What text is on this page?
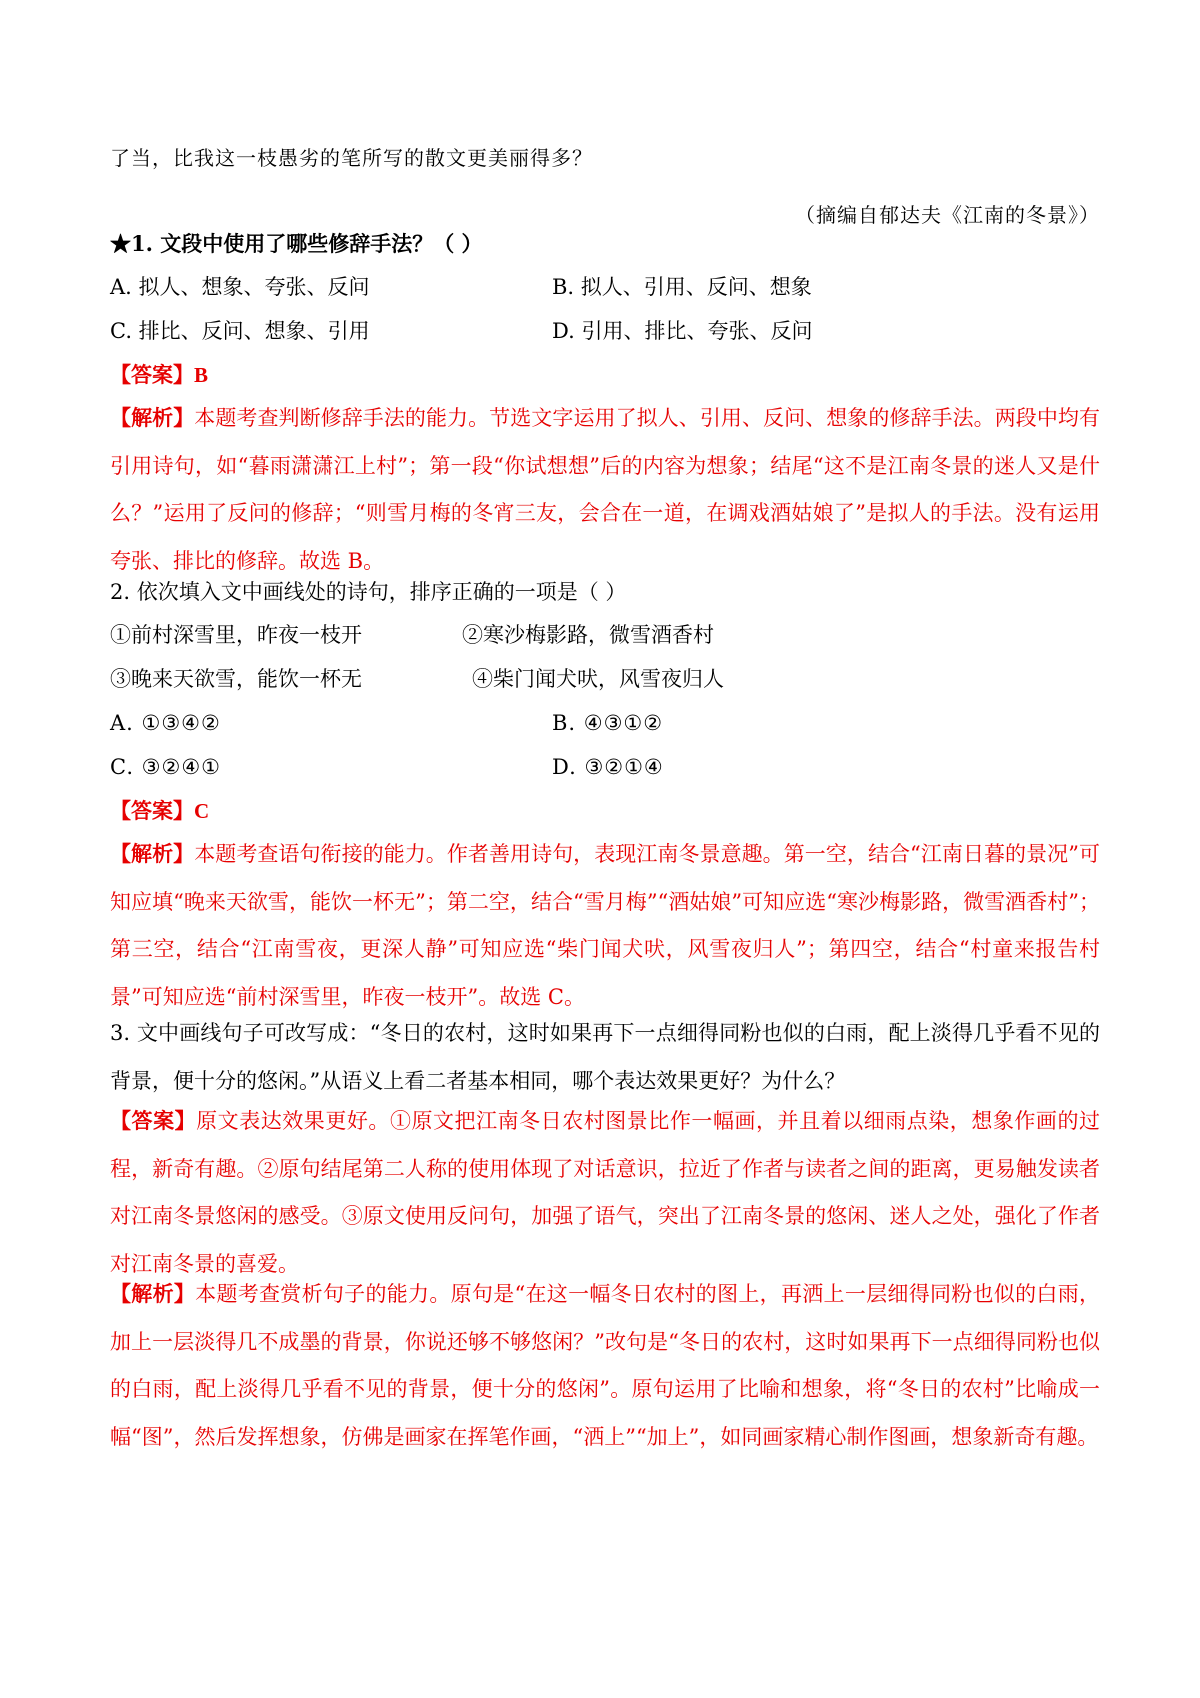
了当，比我这一枝愚劣的笔所写的散文更美丽得多？
（摘编自郁达夫《江南的冬景》）
★1. 文段中使用了哪些修辞手法？（ ）
A. 拟人、想象、夸张、反问	B. 拟人、引用、反问、想象
C. 排比、反问、想象、引用	D. 引用、排比、夸张、反问
【答案】B
【解析】本题考查判断修辞手法的能力。节选文字运用了拟人、引用、反问、想象的修辞手法。两段中均有引用诗句，如“暮雨潇潇江上村”；第一段“你试想想”后的内容为想象；结尾“这不是江南冬景的迷人又是什么？”运用了反问的修辞；“则雪月梅的冬宵三友，会合在一道，在调戏酒姑娘了”是拟人的手法。没有运用夸张、排比的修辞。故选 B。
2. 依次填入文中画线处的诗句，排序正确的一项是（ ）
①前村深雪里，昨夜一枝开	②寒沙梅影路，微雪酒香村
③晚来天欲雪，能饮一杯无	④柴门闻犬吠，风雪夜归人
A. ①③④②	B. ④③①②
C. ③②④①	D. ③②①④
【答案】C
【解析】本题考查语句衔接的能力。作者善用诗句，表现江南冬景意趣。第一空，结合“江南日暮的景况”可知应填“晚来天欲雪，能饮一杯无”；第二空，结合“雪月梅”“酒姑娘”可知应选“寒沙梅影路，微雪酒香村”；第三空，结合“江南雪夜，更深人静”可知应选“柴门闻犬吠，风雪夜归人”；第四空，结合“村童来报告村景”可知应选“前村深雪里，昨夜一枝开”。故选 C。
3. 文中画线句子可改写成：“冬日的农村，这时如果再下一点细得同粉也似的白雨，配上淡得几乎看不见的背景，便十分的悠闲。”从语义上看二者基本相同，哪个表达效果更好？为什么？
【答案】原文表达效果更好。①原文把江南冬日农村图景比作一幅画，并且着以细雨点染，想象作画的过程，新奇有趣。②原句结尾第二人称的使用体现了对话意识，拉近了作者与读者之间的距离，更易触发读者对江南冬景悠闲的感受。③原文使用反问句，加强了语气，突出了江南冬景的悠闲、迷人之处，强化了作者对江南冬景的喜爱。
【解析】本题考查赏析句子的能力。原句是“在这一幅冬日农村的图上，再洒上一层细得同粉也似的白雨，加上一层淡得几不成墨的背景，你说还够不够悠闲？”改句是“冬日的农村，这时如果再下一点细得同粉也似的白雨，配上淡得几乎看不见的背景，便十分的悠闲”。原句运用了比喻和想象，将“冬日的农村”比喻成一幅“图”，然后发挥想象，仿佛是画家在挥笔作画，“洒上”“加上”，如同画家精心制作图画，想象新奇有趣。
